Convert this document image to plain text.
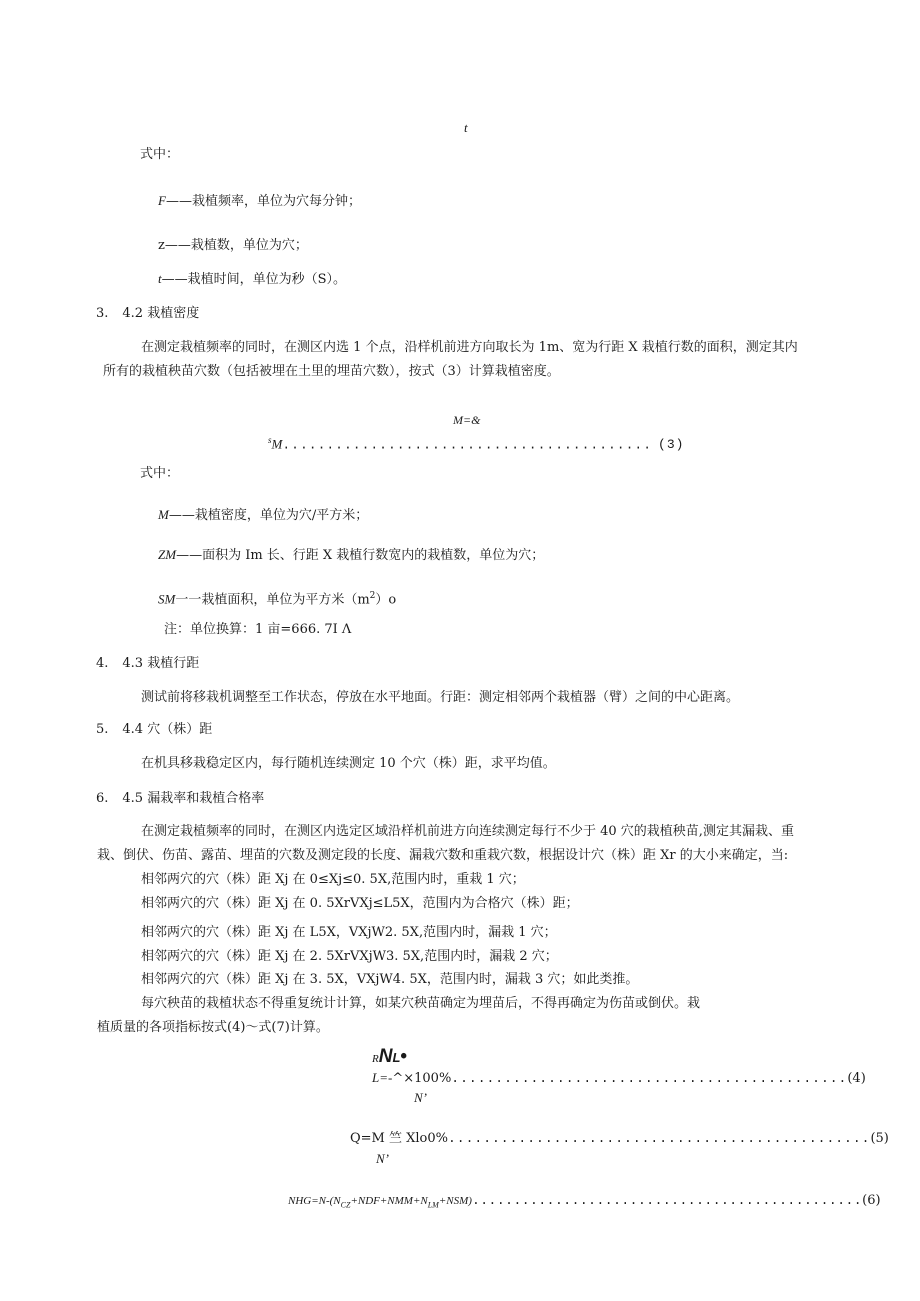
t
式中：
F——栽植频率，单位为穴每分钟；
z——栽植数，单位为穴；
t——栽植时间，单位为秒（S）。
3. 4.2 栽植密度
在测定栽植频率的同时，在测区内选 1 个点，沿样机前进方向取长为 1m、宽为行距 X 栽植行数的面积，测定其内
所有的栽植秧苗穴数（包括被埋在土里的埋苗穴数），按式（3）计算栽植密度。
M=&
$^s$M.......................................... (3)
式中：
M——栽植密度，单位为穴/平方米；
ZM——面积为 Im 长、行距 X 栽植行数宽内的栽植数，单位为穴；
SM一一栽植面积，单位为平方米$(m^2)o$
注：单位换算：1 亩=666. 7I Λ
4. 4.3 栽植行距
测试前将移栽机调整至工作状态，停放在水平地面。行距：测定相邻两个栽植器（臂）之间的中心距离。
5. 4.4 穴（株）距
在机具移栽稳定区内，每行随机连续测定 10 个穴（株）距，求平均值。
6. 4.5 漏栽率和栽植合格率
在测定栽植频率的同时，在测区内选定区域沿样机前进方向连续测定每行不少于 40 穴的栽植秧苗,测定其漏栽、重
栽、倒伏、伤苗、露苗、埋苗的穴数及测定段的长度、漏栽穴数和重栽穴数，根据设计穴（株）距 Xr 的大小来确定，当:
相邻两穴的穴（株）距 Xj 在 0≤Xj≤0. 5X,范围内时，重栽 1 穴；
相邻两穴的穴（株）距 Xj 在 0. 5XrVXj≤L5X，范围内为合格穴（株）距；
相邻两穴的穴（株）距 Xj 在 L5X，VXjW2. 5X,范围内时，漏栽 1 穴；
相邻两穴的穴（株）距 Xj 在 2. 5XrVXjW3. 5X,范围内时，漏栽 2 穴；
相邻两穴的穴（株）距 Xj 在 3. 5X，VXjW4. 5X，范围内时，漏栽 3 穴；如此类推。
每穴秧苗的栽植状态不得重复统计计算，如某穴秧苗确定为埋苗后，不得再确定为伤苗或倒伏。栽
植质量的各项指标按式(4)～式(7)计算。
RNL•
L=-^×100%.............................................(4)
N’
Q=M 竺 Xlo0%................................................(5)
N’
$NHG=N-(N_{CZ}+NDF+NMM+N_{LM}+NSM)...............................................(6)$
